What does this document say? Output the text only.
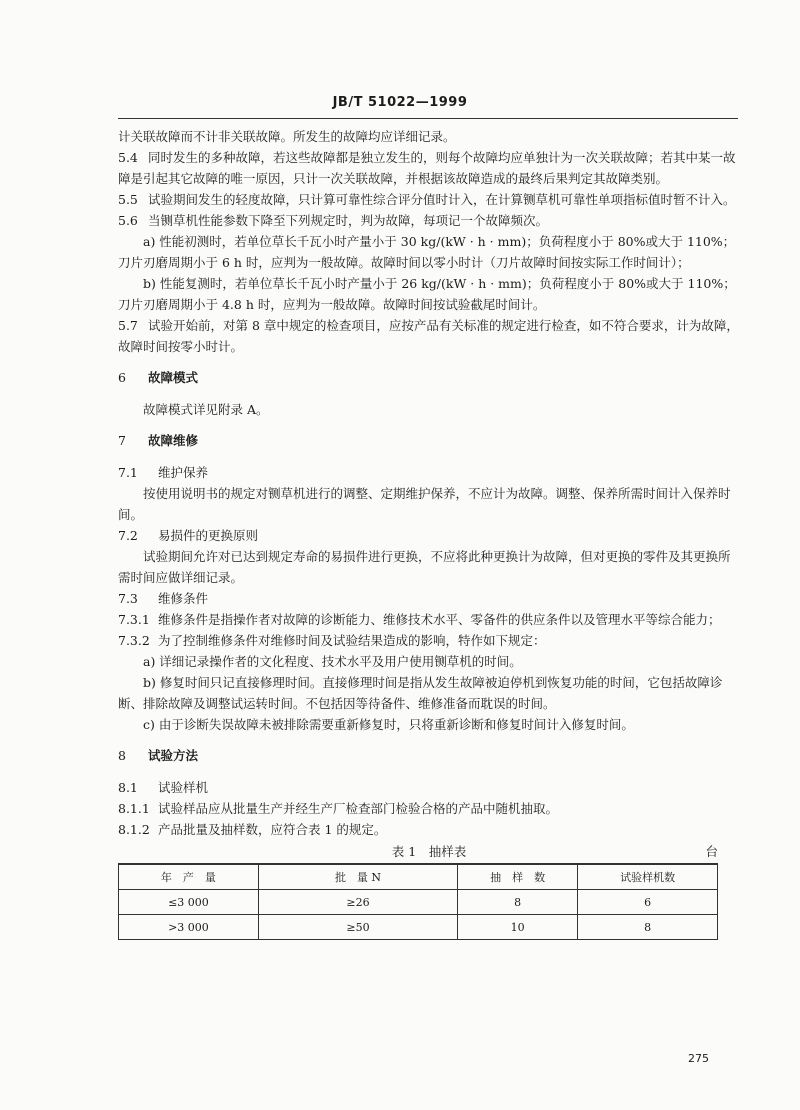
JB/T 51022—1999

计关联故障而不计非关联故障。所发生的故障均应详细记录。

5.4 同时发生的多种故障，若这些故障都是独立发生的，则每个故障均应单独计为一次关联故障；若其中某一故障是引起其它故障的唯一原因，只计一次关联故障，并根据该故障造成的最终后果判定其故障类别。

5.5 试验期间发生的轻度故障，只计算可靠性综合评分值时计入，在计算铡草机可靠性单项指标值时暂不计入。

5.6 当铡草机性能参数下降至下列规定时，判为故障，每项记一个故障频次。

a) 性能初测时，若单位草长千瓦小时产量小于 30 kg/(kW · h · mm)；负荷程度小于 80%或大于 110%；刀片刃磨周期小于 6 h 时，应判为一般故障。故障时间以零小时计（刀片故障时间按实际工作时间计）；

b) 性能复测时，若单位草长千瓦小时产量小于 26 kg/(kW · h · mm)；负荷程度小于 80%或大于 110%；刀片刃磨周期小于 4.8 h 时，应判为一般故障。故障时间按试验截尾时间计。

5.7 试验开始前，对第 8 章中规定的检查项目，应按产品有关标准的规定进行检查，如不符合要求，计为故障，故障时间按零小时计。

6 故障模式

故障模式详见附录 A。

7 故障维修

7.1 维护保养

按使用说明书的规定对铡草机进行的调整、定期维护保养，不应计为故障。调整、保养所需时间计入保养时间。

7.2 易损件的更换原则

试验期间允许对已达到规定寿命的易损件进行更换，不应将此种更换计为故障，但对更换的零件及其更换所需时间应做详细记录。

7.3 维修条件

7.3.1 维修条件是指操作者对故障的诊断能力、维修技术水平、零备件的供应条件以及管理水平等综合能力；

7.3.2 为了控制维修条件对维修时间及试验结果造成的影响，特作如下规定：

a) 详细记录操作者的文化程度、技术水平及用户使用铡草机的时间。

b) 修复时间只记直接修理时间。直接修理时间是指从发生故障被迫停机到恢复功能的时间，它包括故障诊断、排除故障及调整试运转时间。不包括因等待备件、维修准备而耽误的时间。

c) 由于诊断失误故障未被排除需要重新修复时，只将重新诊断和修复时间计入修复时间。

8 试验方法

8.1 试验样机

8.1.1 试验样品应从批量生产并经生产厂检查部门检验合格的产品中随机抽取。

8.1.2 产品批量及抽样数，应符合表 1 的规定。

表 1　抽样表	台
年　产　量	批　量 N	抽　样　数	试验样机数
≤3 000	≥26	8	6
>3 000	≥50	10	8
275
